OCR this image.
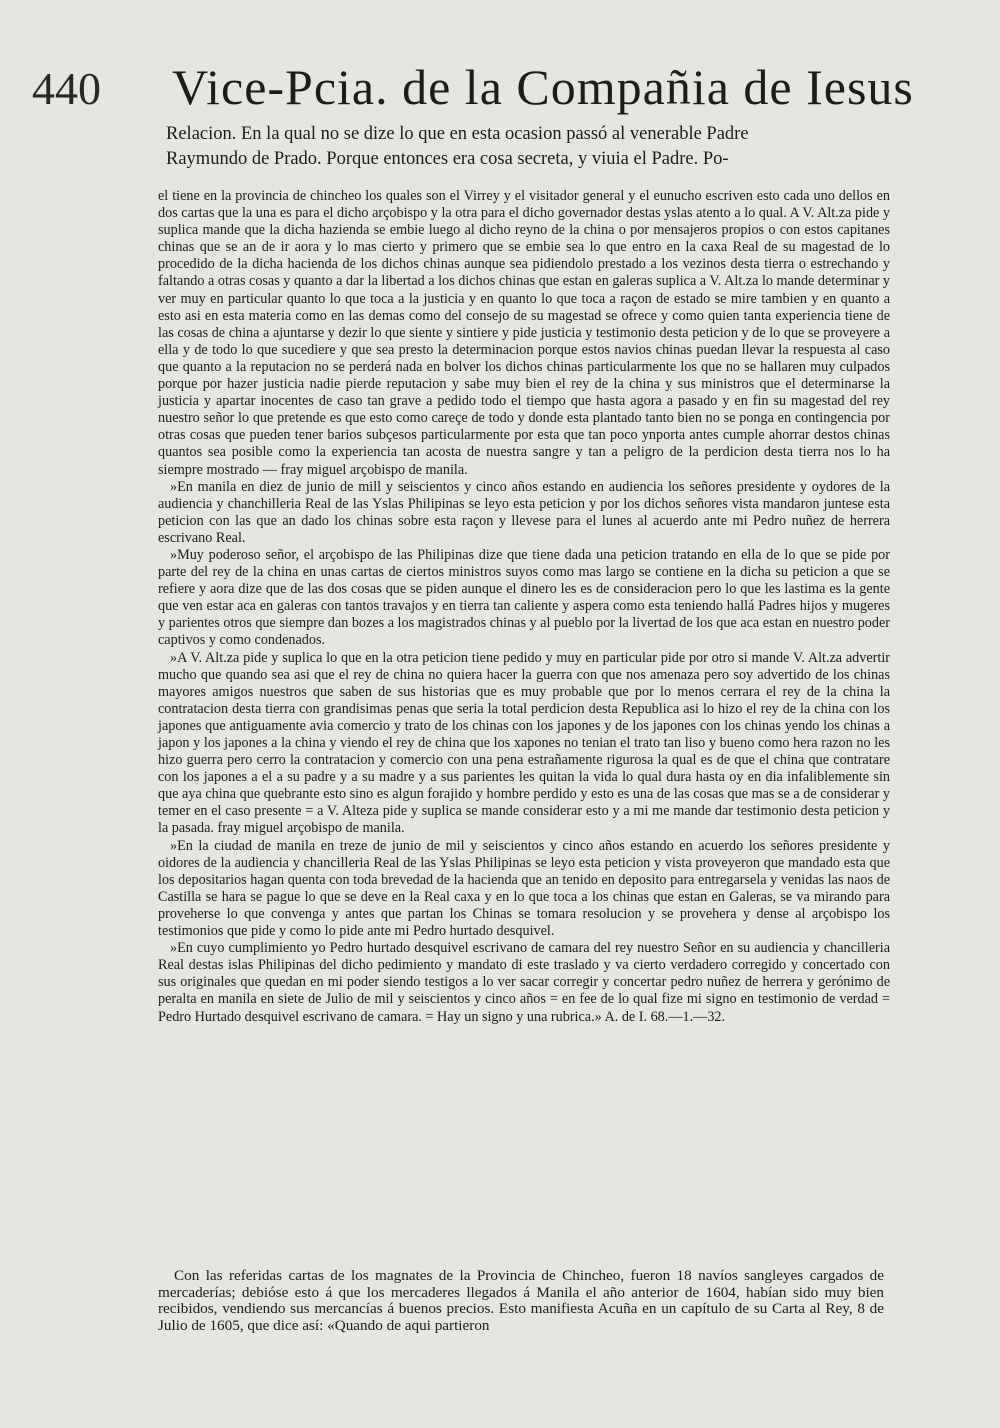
440 Vice-Pcia. de la Compañia de Iesus
Relacion. En la qual no se dize lo que en esta ocasion passó al venerable Padre
Raymundo de Prado. Porque entonces era cosa secreta, y viuia el Padre. Po-

el tiene en la provincia de chincheo los quales son el Virrey y el visitador general y el eunucho escriven esto cada uno dellos en dos cartas que la una es para el dicho arçobispo y la otra para el dicho governador destas yslas atento a lo qual. A V. Alt.za pide y suplica mande que la dicha hazienda se embie luego al dicho reyno de la china o por mensajeros propios o con estos capitanes chinas que se an de ir aora y lo mas cierto y primero que se embie sea lo que entro en la caxa Real de su magestad de lo procedido de la dicha hacienda de los dichos chinas aunque sea pidiendolo prestado a los vezinos desta tierra o estrechando y faltando a otras cosas y quanto a dar la libertad a los dichos chinas que estan en galeras suplica a V. Alt.za lo mande determinar y ver muy en particular quanto lo que toca a la justicia y en quanto lo que toca a raçon de estado se mire tambien y en quanto a esto asi en esta materia como en las demas como del consejo de su magestad se ofrece y como quien tanta experiencia tiene de las cosas de china a ajuntarse y dezir lo que siente y sintiere y pide justicia y testimonio desta peticion y de lo que se proveyere a ella y de todo lo que sucediere y que sea presto la determinacion porque estos navios chinas puedan llevar la respuesta al caso que quanto a la reputacion no se perderá nada en bolver los dichos chinas particularmente los que no se hallaren muy culpados porque por hazer justicia nadie pierde reputacion y sabe muy bien el rey de la china y sus ministros que el determinarse la justicia y apartar inocentes de caso tan grave a pedido todo el tiempo que hasta agora a pasado y en fin su magestad del rey nuestro señor lo que pretende es que esto como careçe de todo y donde esta plantado tanto bien no se ponga en contingencia por otras cosas que pueden tener barios subçesos particularmente por esta que tan poco ynporta antes cumple ahorrar destos chinas quantos sea posible como la experiencia tan acosta de nuestra sangre y tan a peligro de la perdicion desta tierra nos lo ha siempre mostrado — fray miguel arçobispo de manila.

»En manila en diez de junio de mill y seiscientos y cinco años estando en audiencia los señores presidente y oydores de la audiencia y chanchilleria Real de las Yslas Philipinas se leyo esta peticion y por los dichos señores vista mandaron juntese esta peticion con las que an dado los chinas sobre esta raçon y llevese para el lunes al acuerdo ante mi Pedro nuñez de herrera escrivano Real.

»Muy poderoso señor, el arçobispo de las Philipinas dize que tiene dada una peticion tratando en ella de lo que se pide por parte del rey de la china en unas cartas de ciertos ministros suyos como mas largo se contiene en la dicha su peticion a que se refiere y aora dize que de las dos cosas que se piden aunque el dinero les es de consideracion pero lo que les lastima es la gente que ven estar aca en galeras con tantos travajos y en tierra tan caliente y aspera como esta teniendo hallá Padres hijos y mugeres y parientes otros que siempre dan bozes a los magistrados chinas y al pueblo por la livertad de los que aca estan en nuestro poder captivos y como condenados.

»A V. Alt.za pide y suplica lo que en la otra peticion tiene pedido y muy en particular pide por otro si mande V. Alt.za advertir mucho que quando sea asi que el rey de china no quiera hacer la guerra con que nos amenaza pero soy advertido de los chinas mayores amigos nuestros que saben de sus historias que es muy probable que por lo menos cerrara el rey de la china la contratacion desta tierra con grandisimas penas que seria la total perdicion desta Republica asi lo hizo el rey de la china con los japones que antiguamente avia comercio y trato de los chinas con los japones y de los japones con los chinas yendo los chinas a japon y los japones a la china y viendo el rey de china que los xapones no tenian el trato tan liso y bueno como hera razon no les hizo guerra pero cerro la contratacion y comercio con una pena estrañamente rigurosa la qual es de que el china que contratare con los japones a el a su padre y a su madre y a sus parientes les quitan la vida lo qual dura hasta oy en dia infaliblemente sin que aya china que quebrante esto sino es algun forajido y hombre perdido y esto es una de las cosas que mas se a de considerar y temer en el caso presente = a V. Alteza pide y suplica se mande considerar esto y a mi me mande dar testimonio desta peticion y la pasada. fray miguel arçobispo de manila.

»En la ciudad de manila en treze de junio de mil y seiscientos y cinco años estando en acuerdo los señores presidente y oidores de la audiencia y chancilleria Real de las Yslas Philipinas se leyo esta peticion y vista proveyeron que mandado esta que los depositarios hagan quenta con toda brevedad de la hacienda que an tenido en deposito para entregarsela y venidas las naos de Castilla se hara se pague lo que se deve en la Real caxa y en lo que toca a los chinas que estan en Galeras, se va mirando para proveherse lo que convenga y antes que partan los Chinas se tomara resolucion y se provehera y dense al arçobispo los testimonios que pide y como lo pide ante mi Pedro hurtado desquivel.

»En cuyo cumplimiento yo Pedro hurtado desquivel escrivano de camara del rey nuestro Señor en su audiencia y chancilleria Real destas islas Philipinas del dicho pedimiento y mandato di este traslado y va cierto verdadero corregido y concertado con sus originales que quedan en mi poder siendo testigos a lo ver sacar corregir y concertar pedro nuñez de herrera y gerónimo de peralta en manila en siete de Julio de mil y seiscientos y cinco años = en fee de lo qual fize mi signo en testimonio de verdad = Pedro Hurtado desquivel escrivano de camara. = Hay un signo y una rubrica.» A. de I. 68.—1.—32.

Con las referidas cartas de los magnates de la Provincia de Chincheo, fueron 18 navíos sangleyes cargados de mercaderías; debióse esto á que los mercaderes llegados á Manila el año anterior de 1604, habían sido muy bien recibidos, vendiendo sus mercancías á buenos precios. Esto manifiesta Acuña en un capítulo de su Carta al Rey, 8 de Julio de 1605, que dice así: «Quando de aqui partieron
